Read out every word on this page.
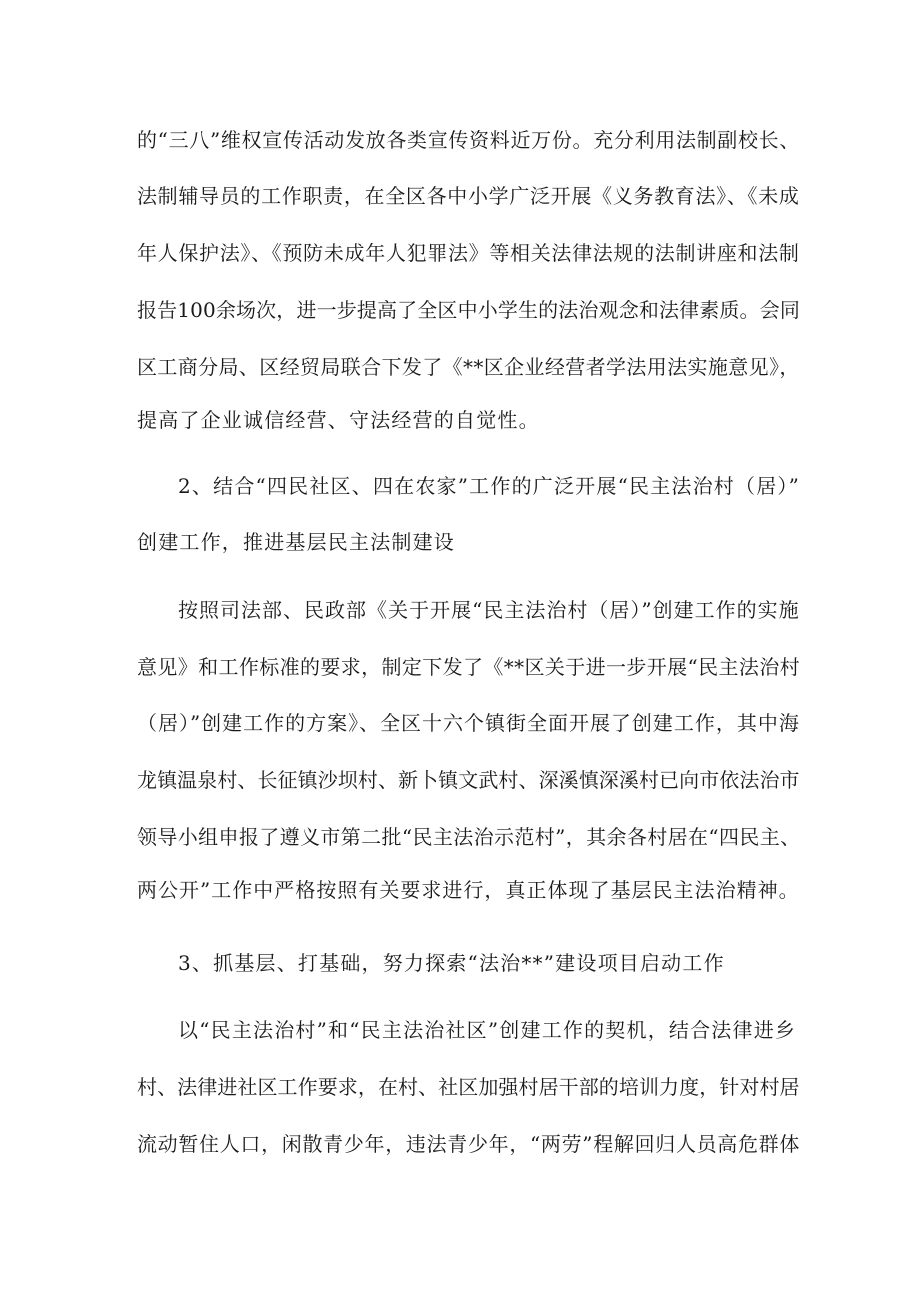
的“三八”维权宣传活动发放各类宣传资料近万份。充分利用法制副校长、
法制辅导员的工作职责，在全区各中小学广泛开展《义务教育法》、《未成
年人保护法》、《预防未成年人犯罪法》等相关法律法规的法制讲座和法制
报告100余场次，进一步提高了全区中小学生的法治观念和法律素质。会同
区工商分局、区经贸局联合下发了《**区企业经营者学法用法实施意见》，
提高了企业诚信经营、守法经营的自觉性。
2、结合“四民社区、四在农家”工作的广泛开展“民主法治村（居）”
创建工作，推进基层民主法制建设
按照司法部、民政部《关于开展“民主法治村（居）”创建工作的实施
意见》和工作标准的要求，制定下发了《**区关于进一步开展“民主法治村
（居）”创建工作的方案》、全区十六个镇街全面开展了创建工作，其中海
龙镇温泉村、长征镇沙坝村、新卜镇文武村、深溪慎深溪村已向市依法治市
领导小组申报了遵义市第二批“民主法治示范村”，其余各村居在“四民主、
两公开”工作中严格按照有关要求进行，真正体现了基层民主法治精神。
3、抓基层、打基础，努力探索“法治**”建设项目启动工作
以“民主法治村”和“民主法治社区”创建工作的契机，结合法律进乡
村、法律进社区工作要求，在村、社区加强村居干部的培训力度，针对村居
流动暂住人口，闲散青少年，违法青少年，“两劳”程解回归人员高危群体
